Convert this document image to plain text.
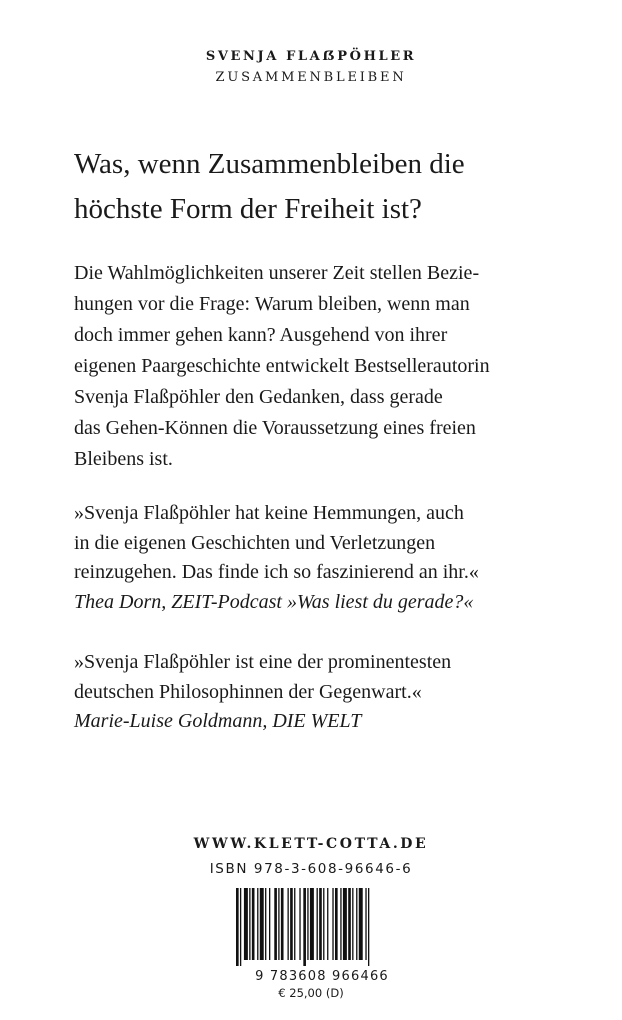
SVENJA FLAẞPÖHLER
ZUSAMMENBLEIBEN
Was, wenn Zusammenbleiben die
höchste Form der Freiheit ist?
Die Wahlmöglichkeiten unserer Zeit stellen Bezie-
hungen vor die Frage: Warum bleiben, wenn man
doch immer gehen kann? Ausgehend von ihrer
eigenen Paargeschichte entwickelt Bestsellerautorin
Svenja Flaßpöhler den Gedanken, dass gerade
das Gehen-Können die Voraussetzung eines freien
Bleibens ist.
»Svenja Flaßpöhler hat keine Hemmungen, auch
in die eigenen Geschichten und Verletzungen
reinzugehen. Das finde ich so faszinierend an ihr.«
Thea Dorn, ZEIT-Podcast »Was liest du gerade?«
»Svenja Flaßpöhler ist eine der prominentesten
deutschen Philosophinnen der Gegenwart.«
Marie-Luise Goldmann, DIE WELT
WWW.KLETT-COTTA.DE
ISBN 978-3-608-96646-6
9 783608 966466
€ 25,00 (D)
